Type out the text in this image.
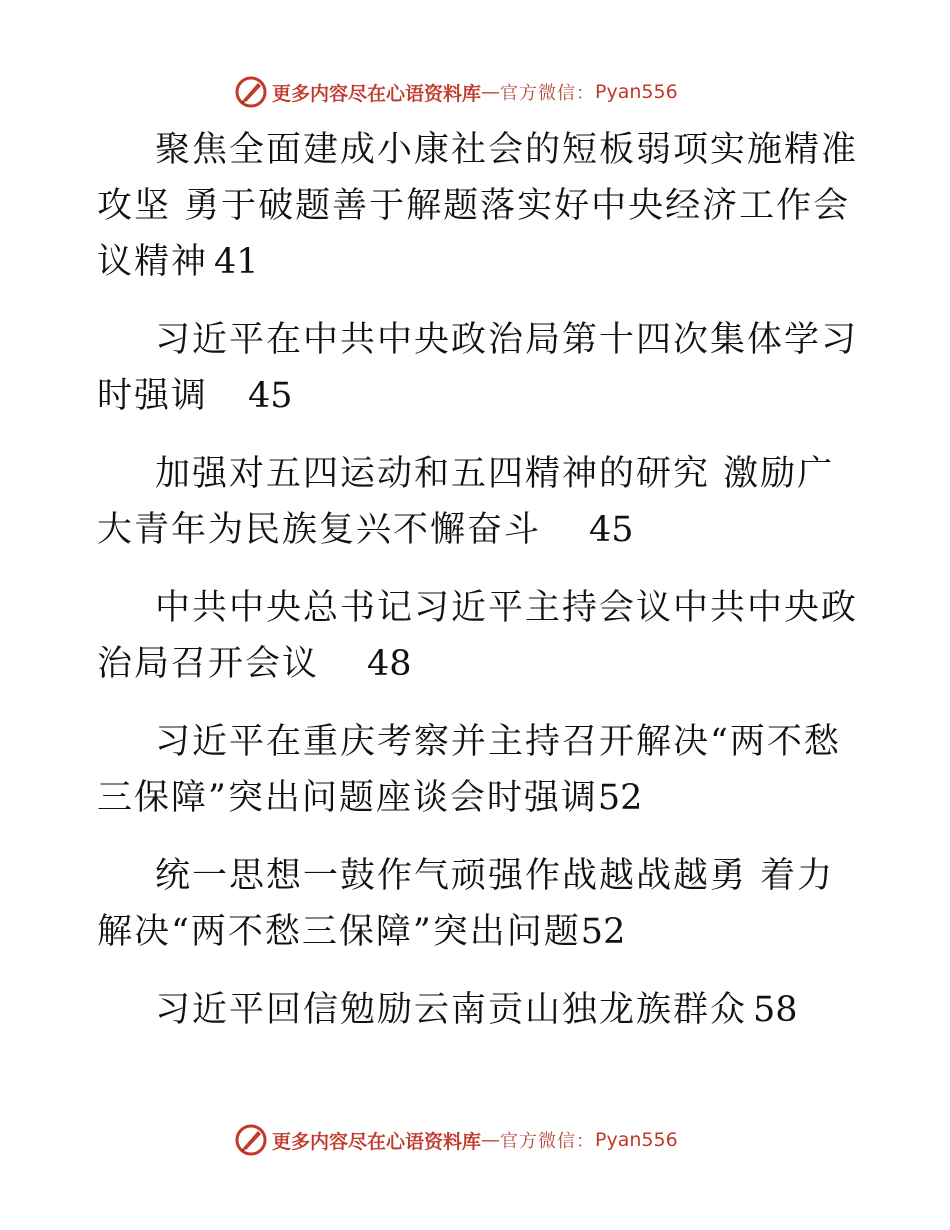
更多内容尽在心语资料库 — 官方微信： Pyan556
聚焦全面建成小康社会的短板弱项实施精准攻坚 勇于破题善于解题落实好中央经济工作会议精神 41
习近平在中共中央政治局第十四次集体学习时强调 45
加强对五四运动和五四精神的研究 激励广大青年为民族复兴不懈奋斗 45
中共中央总书记习近平主持会议中共中央政治局召开会议 48
习近平在重庆考察并主持召开解决“两不愁三保障”突出问题座谈会时强调52
统一思想一鼓作气顽强作战越战越勇 着力解决“两不愁三保障”突出问题52
习近平回信勉励云南贡山独龙族群众 58
更多内容尽在心语资料库 — 官方微信： Pyan556
